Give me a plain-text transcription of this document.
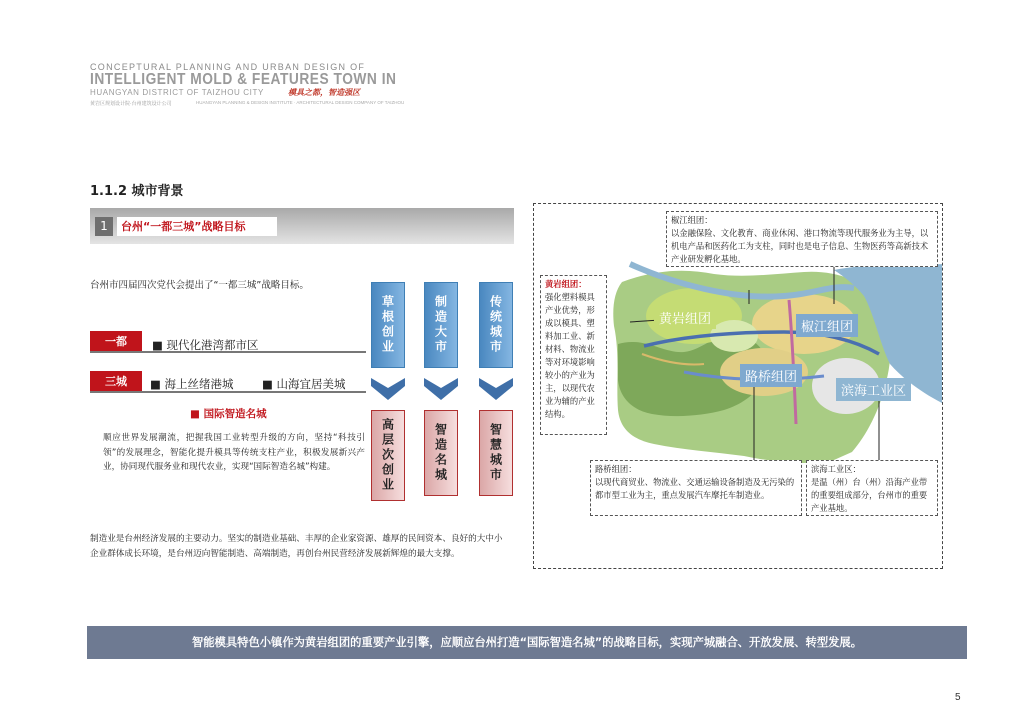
CONCEPTURAL PLANNING AND URBAN DESIGN OF
INTELLIGENT MOLD & FEATURES TOWN IN
HUANGYAN DISTRICT OF TAIZHOU CITY	模具之都，智造强区
黄岩区规划设计院·台州建筑设计公司	HUANGYAN PLANNING & DESIGN INSTITUTE · ARCHITECTURAL DESIGN COMPANY OF TAIZHOU
1.1.2 城市背景
1	台州“一都三城”战略目标
台州市四届四次党代会提出了“一都三城”战略目标。
一都	■ 现代化港湾都市区
三城	■ 海上丝绪港城 ■ 山海宜居美城
■ 国际智造名城
顺应世界发展潮流，把握我国工业转型升级的方向，坚持“科技引领”的发展理念，智能化提升模具等传统支柱产业，积极发展新兴产业，协同现代服务业和现代农业，实现“国际智造名城”构建。
制造业是台州经济发展的主要动力。坚实的制造业基础、丰厚的企业家资源、雄厚的民间资本、良好的大中小企业群体成长环境，是台州迈向智能制造、高端制造，再创台州民营经济发展新辉煌的最大支撑。
草根创业	制造大市	传统城市
高层次创业	智造名城	智慧城市
黄岩组团
椒江组团
路桥组团
滨海工业区
黄岩组团：
强化塑料模具产业优势，形成以模具、塑料加工业、新材料、物流业等对环境影响较小的产业为主，以现代农业为辅的产业结构。
椒江组团：
以金融保险、文化教育、商业休闲、港口物流等现代服务业为主导，以机电产品和医药化工为支柱，同时也是电子信息、生物医药等高新技术产业研发孵化基地。
路桥组团：
以现代商贸业、物流业、交通运输设备制造及无污染的都市型工业为主，重点发展汽车摩托车制造业。
滨海工业区：
是温（州）台（州）沿海产业带的重要组成部分，台州市的重要产业基地。
智能模具特色小镇作为黄岩组团的重要产业引擎，应顺应台州打造“国际智造名城”的战略目标，实现产城融合、开放发展、转型发展。
5
